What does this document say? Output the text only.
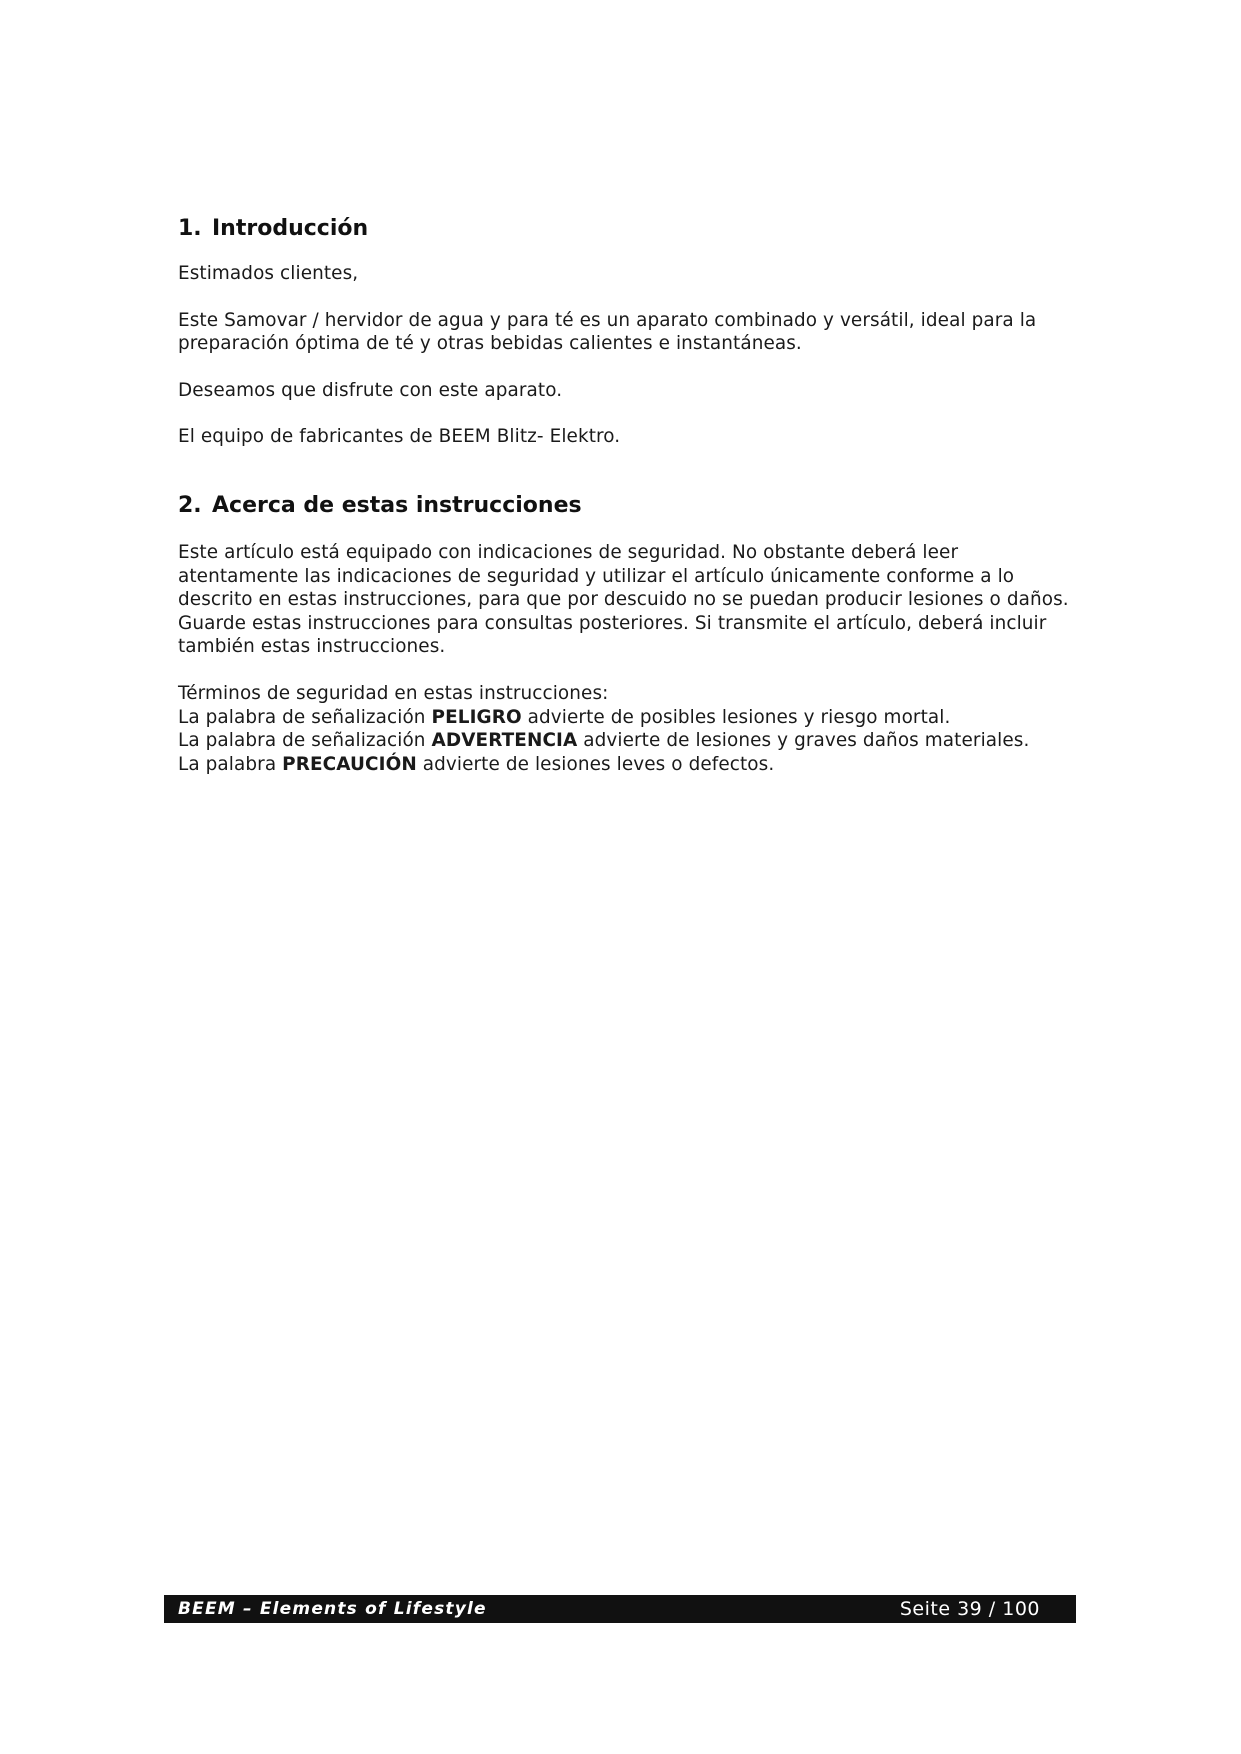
1. Introducción

Estimados clientes,

Este Samovar / hervidor de agua y para té es un aparato combinado y versátil, ideal para la preparación óptima de té y otras bebidas calientes e instantáneas.

Deseamos que disfrute con este aparato.

El equipo de fabricantes de BEEM Blitz- Elektro.

2. Acerca de estas instrucciones

Este artículo está equipado con indicaciones de seguridad. No obstante deberá leer atentamente las indicaciones de seguridad y utilizar el artículo únicamente conforme a lo descrito en estas instrucciones, para que por descuido no se puedan producir lesiones o daños.

Guarde estas instrucciones para consultas posteriores. Si transmite el artículo, deberá incluir también estas instrucciones.

Términos de seguridad en estas instrucciones:

La palabra de señalización PELIGRO advierte de posibles lesiones y riesgo mortal.

La palabra de señalización ADVERTENCIA advierte de lesiones y graves daños materiales.

La palabra PRECAUCIÓN advierte de lesiones leves o defectos.

BEEM – Elements of Lifestyle	Seite 39 / 100
